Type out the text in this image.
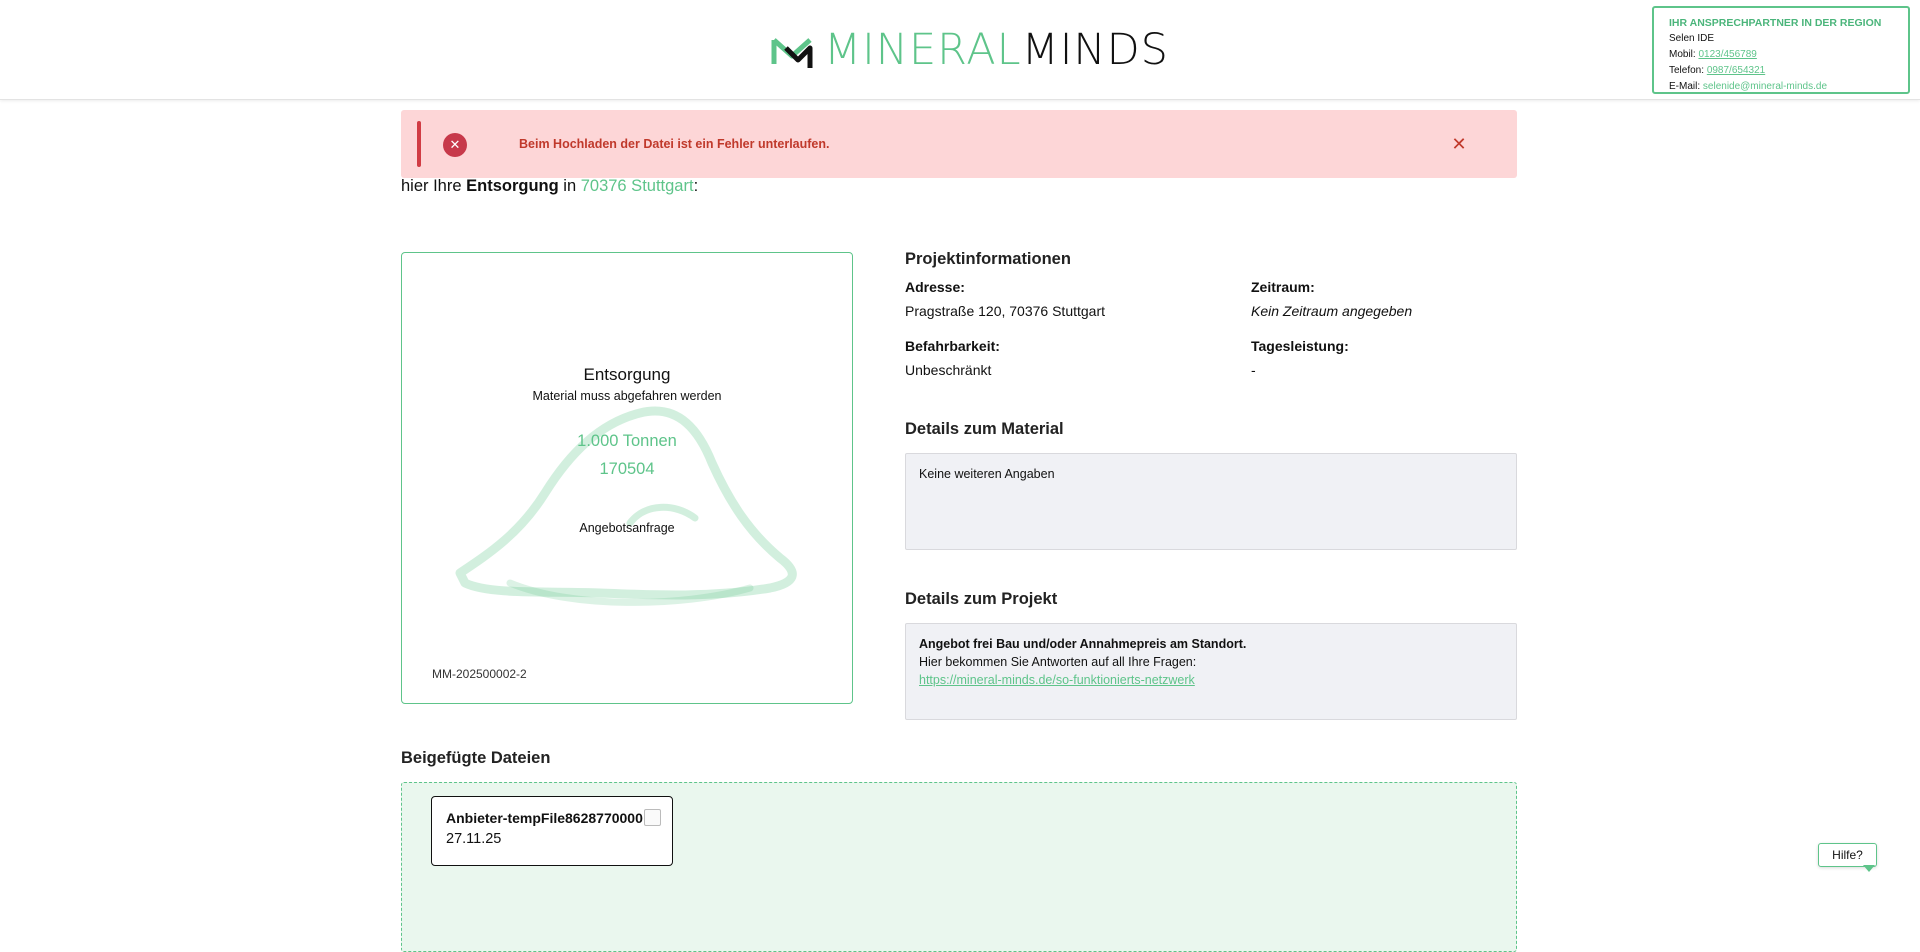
MINERALMINDS
IHR ANSPRECHPARTNER IN DER REGION
Selen IDE
Mobil: 0123/456789
Telefon: 0987/654321
E-Mail: selenide@mineral-minds.de
✕	Beim Hochladen der Datei ist ein Fehler unterlaufen.	✕
hier Ihre Entsorgung in 70376 Stuttgart:
Entsorgung
Material muss abgefahren werden
1.000 Tonnen
170504
Angebotsanfrage
MM-202500002-2
Projektinformationen
Adresse:
Pragstraße 120, 70376 Stuttgart
Zeitraum:
Kein Zeitraum angegeben
Befahrbarkeit:
Unbeschränkt
Tagesleistung:
-
Details zum Material
Keine weiteren Angaben
Details zum Projekt
Angebot frei Bau und/oder Annahmepreis am Standort.
Hier bekommen Sie Antworten auf all Ihre Fragen:
https://mineral-minds.de/so-funktionierts-netzwerk
Beigefügte Dateien
Anbieter-tempFile8628770000
27.11.25
Hilfe?
